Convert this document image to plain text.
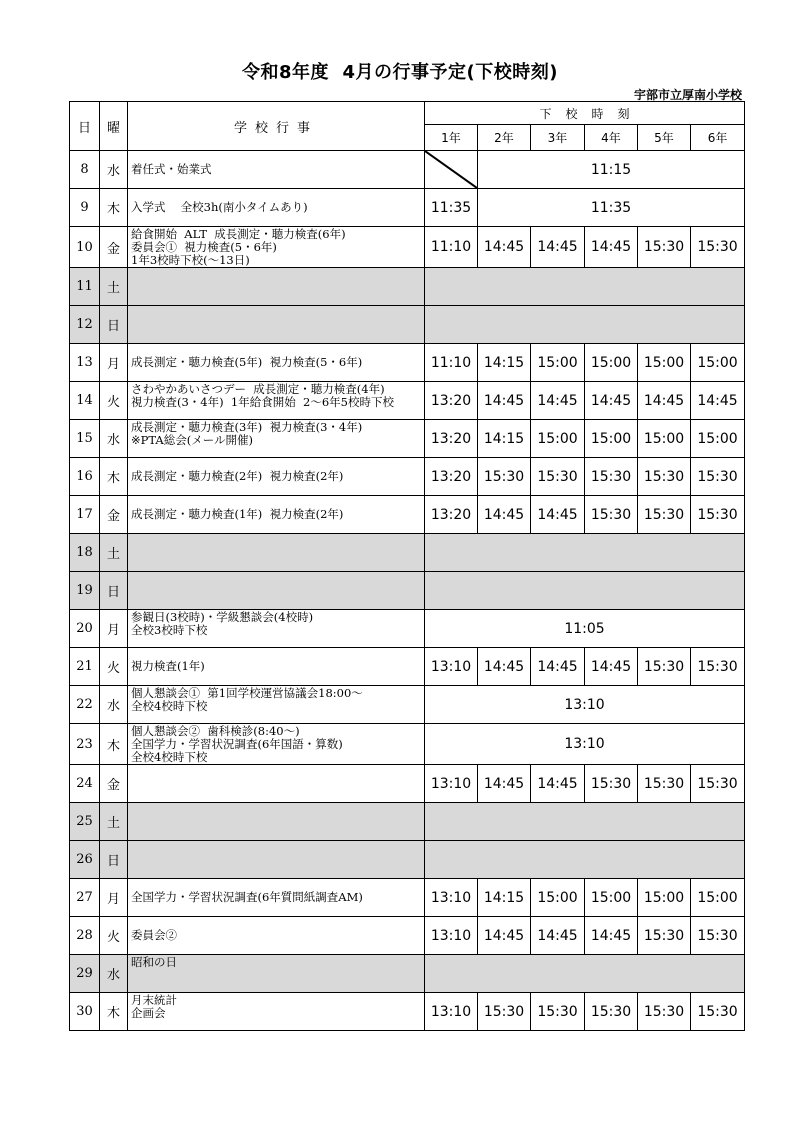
令和8年度  4月の行事予定(下校時刻)
宇部市立厚南小学校
日	曜	学校行事	下校時刻					
			1年	2年	3年	4年	5年	6年
8	水	着任式・始業式		11:15				
9	木	入学式　 全校3h(南小タイムあり)	11:35	11:35				
10	金	給食開始  ALT  成長測定・聴力検査(6年)
委員会①  視力検査(5・6年)
1年3校時下校(〜13日)	11:10	14:45	14:45	14:45	15:30	15:30
11	土							
12	日							
13	月	成長測定・聴力検査(5年)  視力検査(5・6年)	11:10	14:15	15:00	15:00	15:00	15:00
14	火	さわやかあいさつデー  成長測定・聴力検査(4年)
視力検査(3・4年)  1年給食開始  2〜6年5校時下校	13:20	14:45	14:45	14:45	14:45	14:45
15	水	成長測定・聴力検査(3年)  視力検査(3・4年)
※PTA総会(メール開催)	13:20	14:15	15:00	15:00	15:00	15:00
16	木	成長測定・聴力検査(2年)  視力検査(2年)	13:20	15:30	15:30	15:30	15:30	15:30
17	金	成長測定・聴力検査(1年)  視力検査(2年)	13:20	14:45	14:45	15:30	15:30	15:30
18	土							
19	日							
20	月	参観日(3校時)・学級懇談会(4校時)
全校3校時下校	11:05					
21	火	視力検査(1年)	13:10	14:45	14:45	14:45	15:30	15:30
22	水	個人懇談会①  第1回学校運営協議会18:00〜
全校4校時下校	13:10					
23	木	個人懇談会②  歯科検診(8:40〜)
全国学力・学習状況調査(6年国語・算数)
全校4校時下校	13:10					
24	金		13:10	14:45	14:45	15:30	15:30	15:30
25	土							
26	日							
27	月	全国学力・学習状況調査(6年質問紙調査AM)	13:10	14:15	15:00	15:00	15:00	15:00
28	火	委員会②	13:10	14:45	14:45	14:45	15:30	15:30
29	水	昭和の日						

30	木	月末統計
企画会	13:10	15:30	15:30	15:30	15:30	15:30
